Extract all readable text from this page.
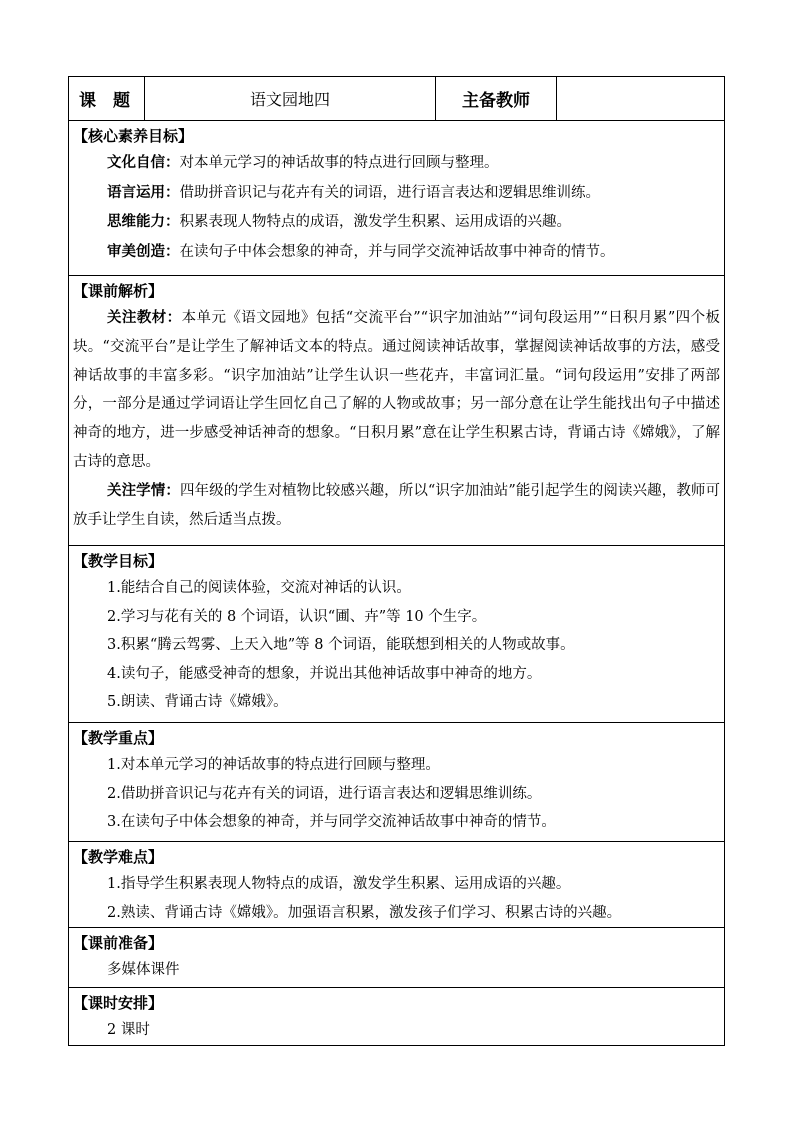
课　题	语文园地四	主备教师
【核心素养目标】
文化自信：对本单元学习的神话故事的特点进行回顾与整理。
语言运用：借助拼音识记与花卉有关的词语，进行语言表达和逻辑思维训练。
思维能力：积累表现人物特点的成语，激发学生积累、运用成语的兴趣。
审美创造：在读句子中体会想象的神奇，并与同学交流神话故事中神奇的情节。
【课前解析】

关注教材：本单元《语文园地》包括“交流平台”“识字加油站”“词句段运用”“日积月累”四个板块。“交流平台”是让学生了解神话文本的特点。通过阅读神话故事，掌握阅读神话故事的方法，感受神话故事的丰富多彩。“识字加油站”让学生认识一些花卉，丰富词汇量。“词句段运用”安排了两部分，一部分是通过学词语让学生回忆自己了解的人物或故事；另一部分意在让学生能找出句子中描述神奇的地方，进一步感受神话神奇的想象。“日积月累”意在让学生积累古诗，背诵古诗《嫦娥》，了解古诗的意思。

关注学情：四年级的学生对植物比较感兴趣，所以“识字加油站”能引起学生的阅读兴趣，教师可放手让学生自读，然后适当点拨。

【教学目标】
1.能结合自己的阅读体验，交流对神话的认识。
2.学习与花有关的 8 个词语，认识“圃、卉”等 10 个生字。
3.积累“腾云驾雾、上天入地”等 8 个词语，能联想到相关的人物或故事。
4.读句子，能感受神奇的想象，并说出其他神话故事中神奇的地方。
5.朗读、背诵古诗《嫦娥》。
【教学重点】
1.对本单元学习的神话故事的特点进行回顾与整理。
2.借助拼音识记与花卉有关的词语，进行语言表达和逻辑思维训练。
3.在读句子中体会想象的神奇，并与同学交流神话故事中神奇的情节。
【教学难点】
1.指导学生积累表现人物特点的成语，激发学生积累、运用成语的兴趣。
2.熟读、背诵古诗《嫦娥》。加强语言积累，激发孩子们学习、积累古诗的兴趣。
【课前准备】
多媒体课件
【课时安排】
2 课时
